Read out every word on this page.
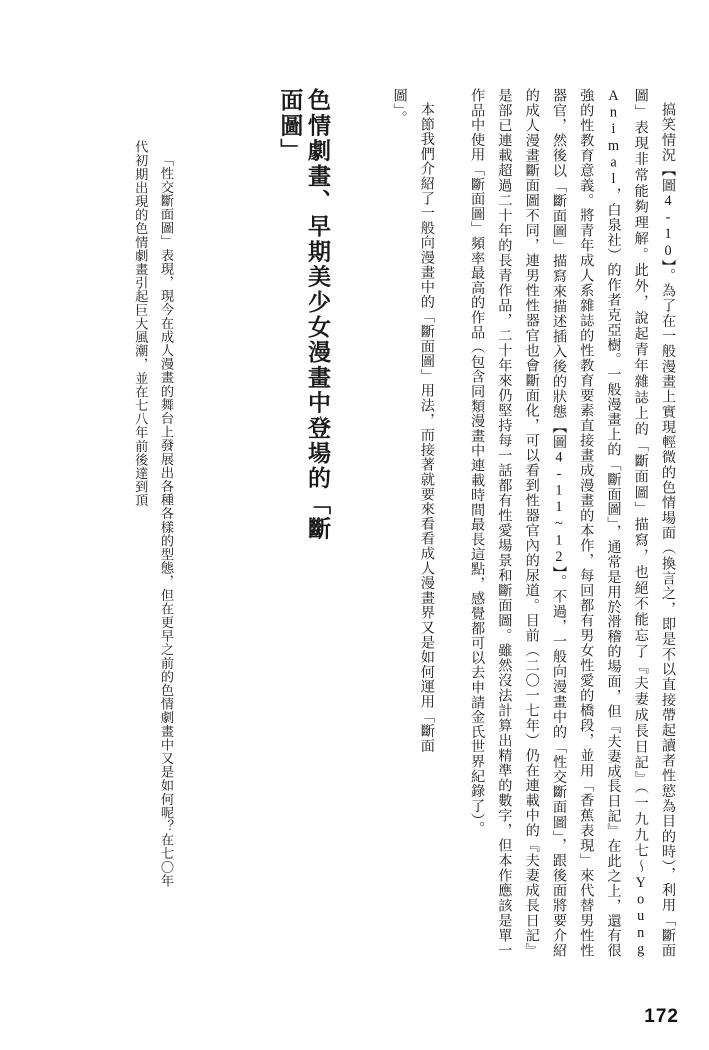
搞笑情況【圖4-10】。為了在一般漫畫上實現輕微的色情場面（換言之，即是不以直接帶起讀者性慾為目的時），利用「斷面圖」表現非常能夠理解。此外，說起青年雜誌上的「斷面圖」描寫，也絕不能忘了『夫妻成長日記』（一九九七～Young Animal，白泉社）的作者克亞樹。一般漫畫上的「斷面圖」，通常是用於滑稽的場面，但『夫妻成長日記』在此之上，還有很強的性教育意義。將青年成人系雜誌的性教育要素直接畫成漫畫的本作，每回都有男女性愛的橋段，並用「香蕉表現」來代替男性性器官，然後以「斷面圖」描寫來描述插入後的狀態【圖4-11~12】。不過，一般向漫畫中的「性交斷面圖」，跟後面將要介紹的成人漫畫斷面圖不同，連男性性器官也會斷面化，可以看到性器官內的尿道。目前（二〇一七年）仍在連載中的『夫妻成長日記』是部已連載超過二十年的長青作品，二十年來仍堅持每一話都有性愛場景和斷面圖。雖然沒法計算出精準的數字，但本作應該是單一作品中使用「斷面圖」頻率最高的作品（包含同類漫畫中連載時間最長這點，感覺都可以去申請金氏世界紀錄了）。

本節我們介紹了一般向漫畫中的「斷面圖」用法，而接著就要來看看成人漫畫界又是如何運用「斷面圖」。

色情劇畫、早期美少女漫畫中登場的「斷面圖」
「性交斷面圖」表現，現今在成人漫畫的舞台上發展出各種各樣的型態，但在更早之前的色情劇畫中又是如何呢？在七〇年代初期出現的色情劇畫引起巨大風潮，並在七八年前後達到頂
172
